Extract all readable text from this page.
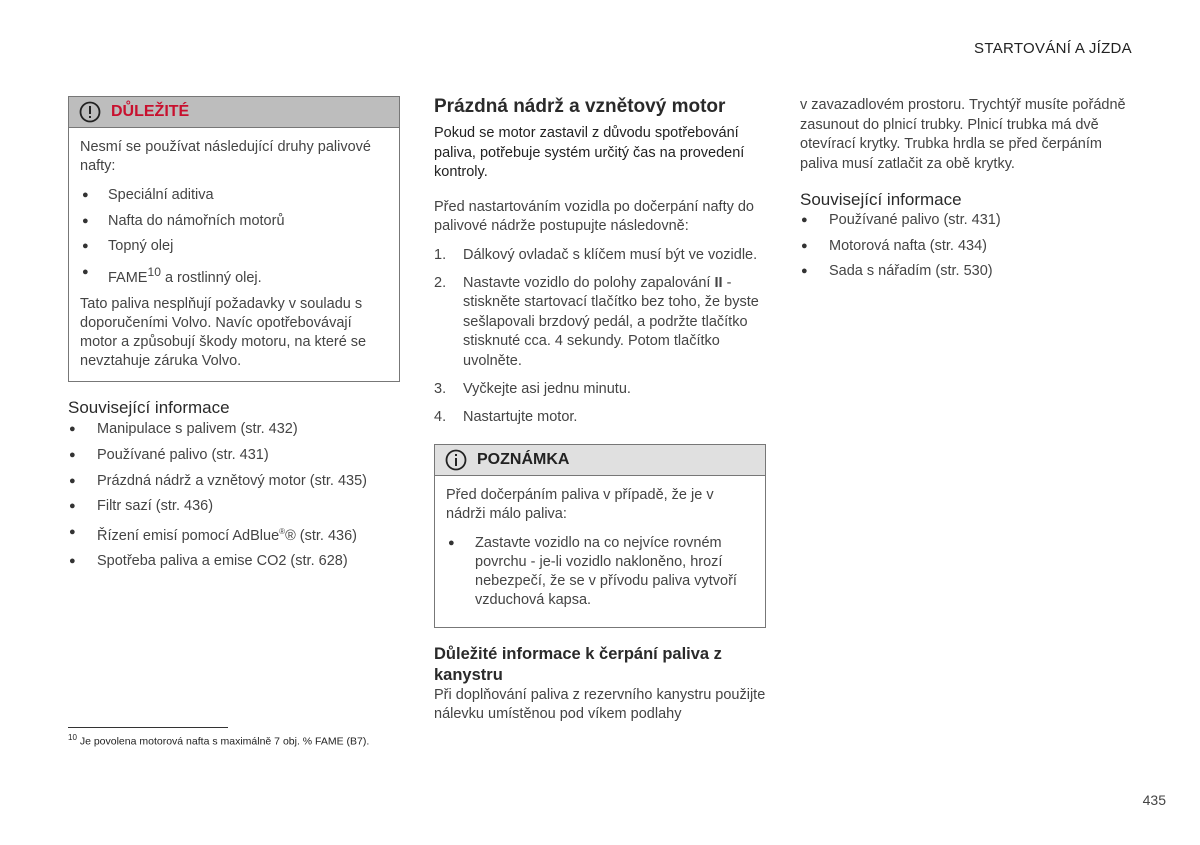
STARTOVÁNÍ A JÍZDA
DŮLEŽITÉ

Nesmí se používat následující druhy palivové nafty:

● Speciální aditiva
● Nafta do námořních motorů
● Topný olej
● FAME$^{10}$ a rostlinný olej.

Tato paliva nesplňují požadavky v souladu s doporučeními Volvo. Navíc opotřebovávají motor a způsobují škody motoru, na které se nevztahuje záruka Volvo.

Související informace
● Manipulace s palivem (str. 432)
● Používané palivo (str. 431)
● Prázdná nádrž a vznětový motor (str. 435)
● Filtr sazí (str. 436)
● Řízení emisí pomocí AdBlue®® (str. 436)
● Spotřeba paliva a emise CO2 (str. 628)
Prázdná nádrž a vznětový motor

Pokud se motor zastavil z důvodu spotřebování paliva, potřebuje systém určitý čas na provedení kontroly.

Před nastartováním vozidla po dočerpání nafty do palivové nádrže postupujte následovně:

1.	Dálkový ovladač s klíčem musí být ve vozidle.
2.	Nastavte vozidlo do polohy zapalování II - stiskněte startovací tlačítko bez toho, že byste sešlapovali brzdový pedál, a podržte tlačítko stisknuté cca. 4 sekundy. Potom tlačítko uvolněte.
3.	Vyčkejte asi jednu minutu.
4.	Nastartujte motor.
POZNÁMKA

Před dočerpáním paliva v případě, že je v nádrži málo paliva:

● Zastavte vozidlo na co nejvíce rovném povrchu - je-li vozidlo nakloněno, hrozí nebezpečí, že se v přívodu paliva vytvoří vzduchová kapsa.
Důležité informace k čerpání paliva z kanystru

Při doplňování paliva z rezervního kanystru použijte nálevku umístěnou pod víkem podlahy

v zavazadlovém prostoru. Trychtýř musíte pořádně zasunout do plnicí trubky. Plnicí trubka má dvě otevírací krytky. Trubka hrdla se před čerpáním paliva musí zatlačit za obě krytky.

Související informace
● Používané palivo (str. 431)
● Motorová nafta (str. 434)
● Sada s nářadím (str. 530)
$^{10}$ Je povolena motorová nafta s maximálně 7 obj. % FAME (B7).
435
